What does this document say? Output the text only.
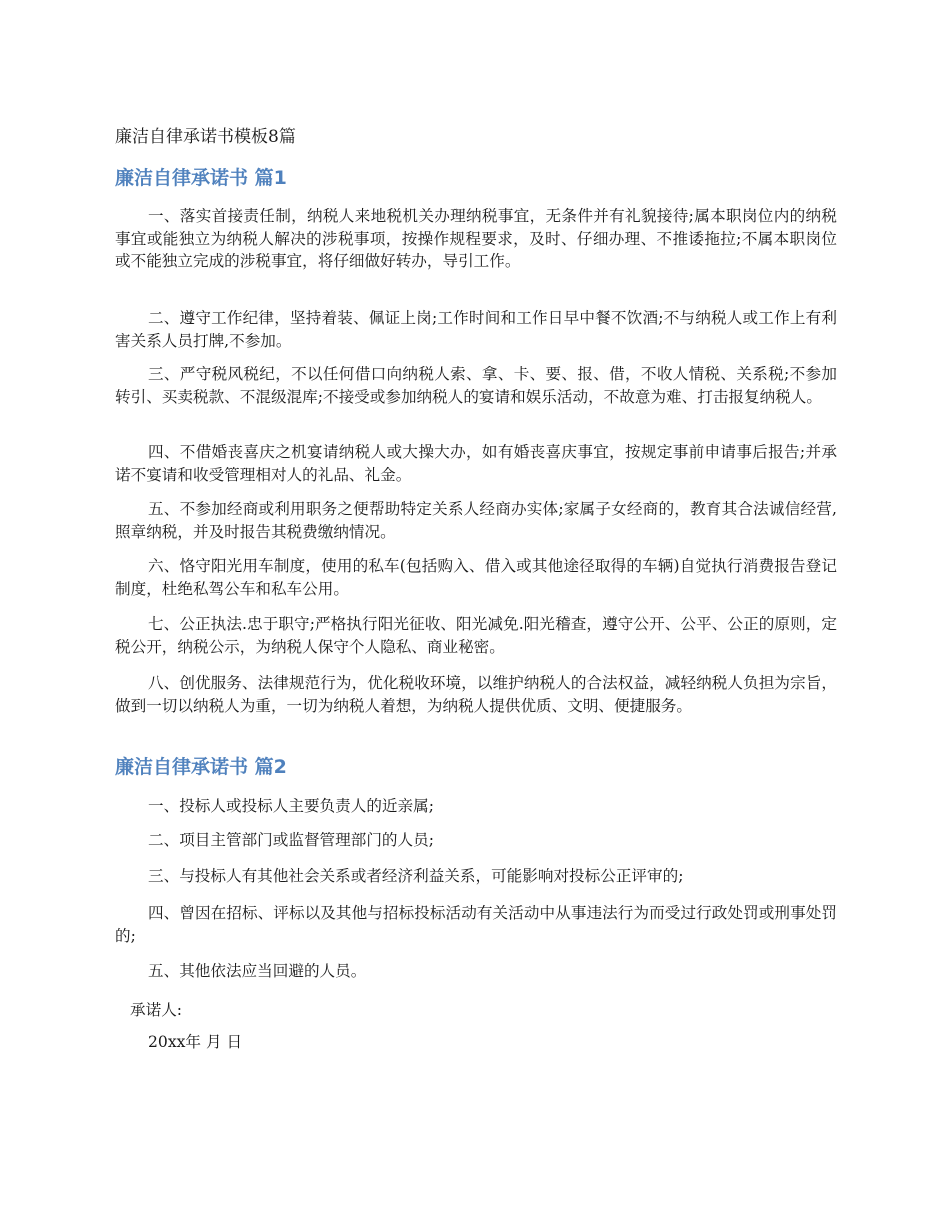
廉洁自律承诺书模板8篇
廉洁自律承诺书 篇1

一、落实首接责任制，纳税人来地税机关办理纳税事宜，无条件并有礼貌接待;属本职岗位内的纳税事宜或能独立为纳税人解决的涉税事项，按操作规程要求，及时、仔细办理、不推诿拖拉;不属本职岗位或不能独立完成的涉税事宜，将仔细做好转办，导引工作。

二、遵守工作纪律，坚持着装、佩证上岗;工作时间和工作日早中餐不饮酒;不与纳税人或工作上有利害关系人员打牌,不参加。

三、严守税风税纪，不以任何借口向纳税人索、拿、卡、要、报、借，不收人情税、关系税;不参加转引、买卖税款、不混级混库;不接受或参加纳税人的宴请和娱乐活动，不故意为难、打击报复纳税人。

四、不借婚丧喜庆之机宴请纳税人或大操大办，如有婚丧喜庆事宜，按规定事前申请事后报告;并承诺不宴请和收受管理相对人的礼品、礼金。

五、不参加经商或利用职务之便帮助特定关系人经商办实体;家属子女经商的，教育其合法诚信经营,照章纳税，并及时报告其税费缴纳情况。

六、恪守阳光用车制度，使用的私车(包括购入、借入或其他途径取得的车辆)自觉执行消费报告登记制度，杜绝私驾公车和私车公用。

七、公正执法.忠于职守;严格执行阳光征收、阳光减免.阳光稽查，遵守公开、公平、公正的原则，定税公开，纳税公示，为纳税人保守个人隐私、商业秘密。

八、创优服务、法律规范行为，优化税收环境，以维护纳税人的合法权益，减轻纳税人负担为宗旨，做到一切以纳税人为重，一切为纳税人着想，为纳税人提供优质、文明、便捷服务。

廉洁自律承诺书 篇2

一、投标人或投标人主要负责人的近亲属;

二、项目主管部门或监督管理部门的人员;

三、与投标人有其他社会关系或者经济利益关系，可能影响对投标公正评审的;

四、曾因在招标、评标以及其他与招标投标活动有关活动中从事违法行为而受过行政处罚或刑事处罚的;

五、其他依法应当回避的人员。

承诺人:
20xx年 月 日
